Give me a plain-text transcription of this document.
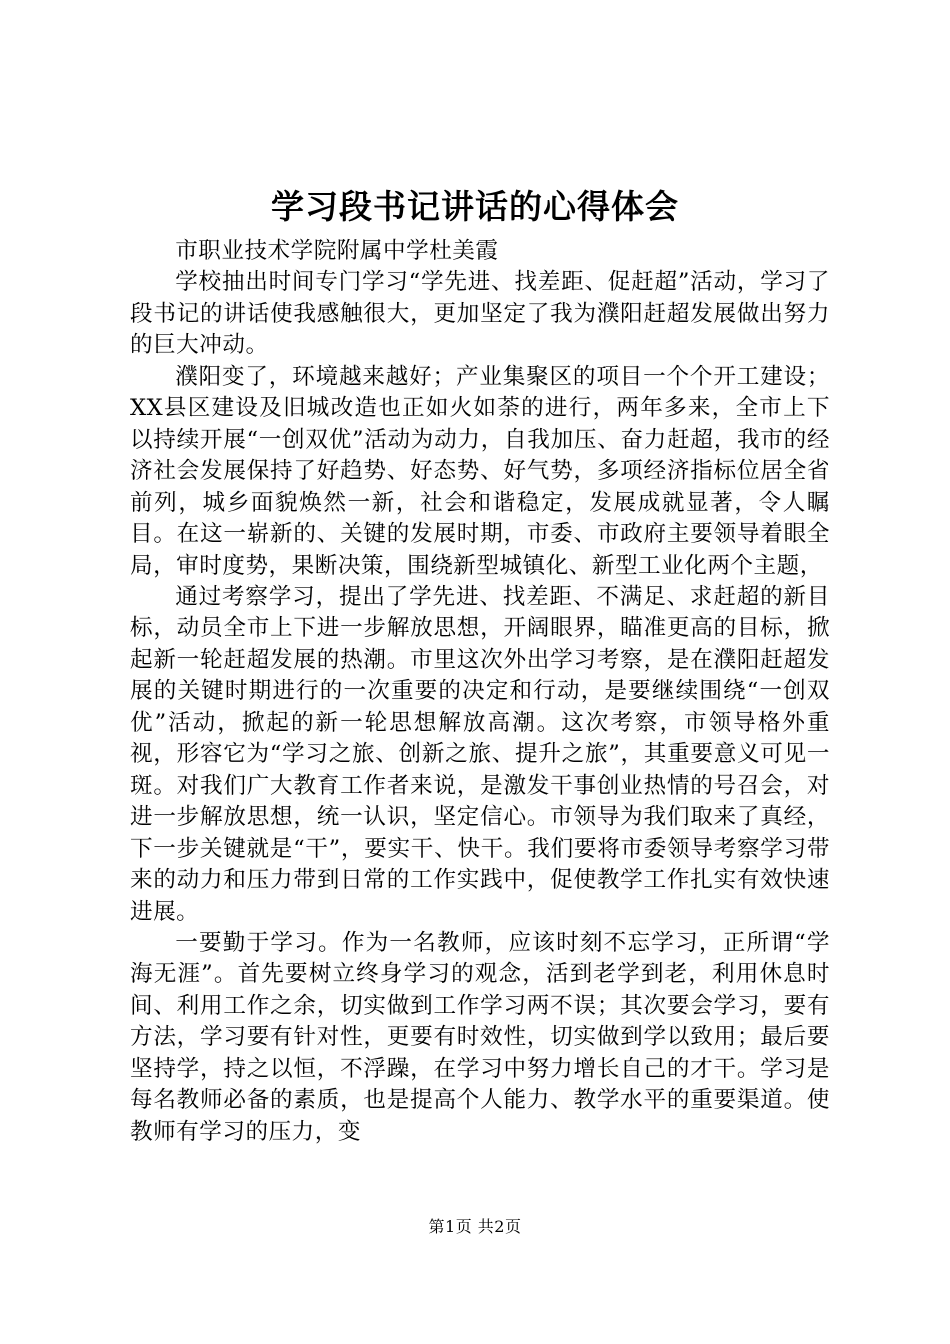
学习段书记讲话的心得体会

市职业技术学院附属中学杜美霞

学校抽出时间专门学习“学先进、找差距、促赶超”活动，学习了段书记的讲话使我感触很大，更加坚定了我为濮阳赶超发展做出努力的巨大冲动。

濮阳变了，环境越来越好；产业集聚区的项目一个个开工建设；XX县区建设及旧城改造也正如火如荼的进行，两年多来，全市上下以持续开展“一创双优”活动为动力，自我加压、奋力赶超，我市的经济社会发展保持了好趋势、好态势、好气势，多项经济指标位居全省前列，城乡面貌焕然一新，社会和谐稳定，发展成就显著，令人瞩目。在这一崭新的、关键的发展时期，市委、市政府主要领导着眼全局，审时度势，果断决策，围绕新型城镇化、新型工业化两个主题，

通过考察学习，提出了学先进、找差距、不满足、求赶超的新目标，动员全市上下进一步解放思想，开阔眼界，瞄准更高的目标，掀起新一轮赶超发展的热潮。市里这次外出学习考察，是在濮阳赶超发展的关键时期进行的一次重要的决定和行动，是要继续围绕“一创双优”活动，掀起的新一轮思想解放高潮。这次考察，市领导格外重视，形容它为“学习之旅、创新之旅、提升之旅”，其重要意义可见一斑。对我们广大教育工作者来说，是激发干事创业热情的号召会，对进一步解放思想，统一认识，坚定信心。市领导为我们取来了真经，下一步关键就是“干”，要实干、快干。我们要将市委领导考察学习带来的动力和压力带到日常的工作实践中，促使教学工作扎实有效快速进展。

一要勤于学习。作为一名教师，应该时刻不忘学习，正所谓“学海无涯”。首先要树立终身学习的观念，活到老学到老，利用休息时间、利用工作之余，切实做到工作学习两不误；其次要会学习，要有方法，学习要有针对性，更要有时效性，切实做到学以致用；最后要坚持学，持之以恒，不浮躁，在学习中努力增长自己的才干。学习是每名教师必备的素质，也是提高个人能力、教学水平的重要渠道。使教师有学习的压力，变

第1页 共2页
